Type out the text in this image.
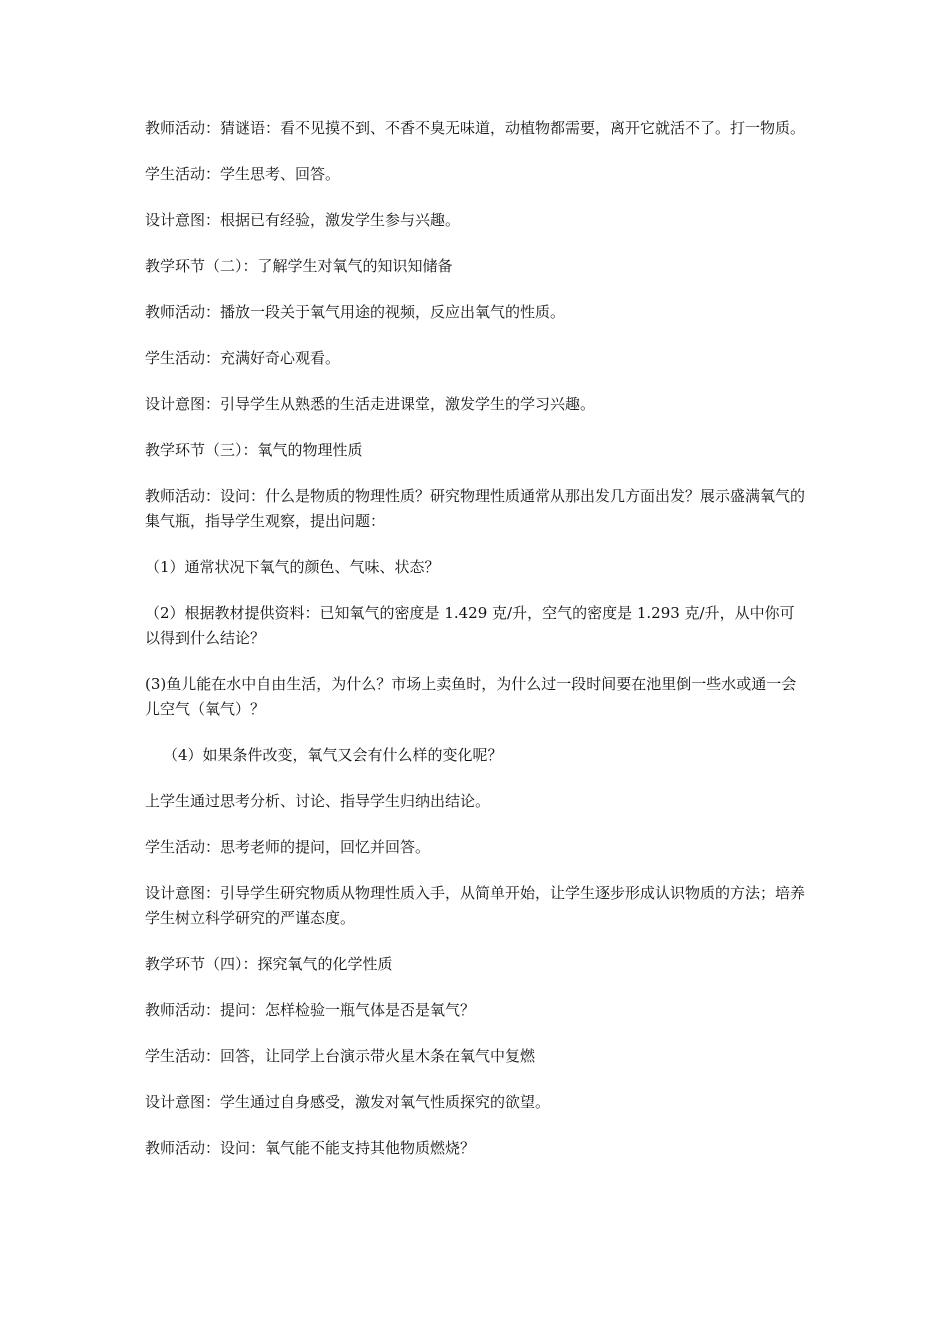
教师活动：猜谜语：看不见摸不到、不香不臭无味道，动植物都需要，离开它就活不了。打一物质。

学生活动：学生思考、回答。

设计意图：根据已有经验，激发学生参与兴趣。

教学环节（二）：了解学生对氧气的知识知储备

教师活动：播放一段关于氧气用途的视频，反应出氧气的性质。

学生活动：充满好奇心观看。

设计意图：引导学生从熟悉的生活走进课堂，激发学生的学习兴趣。

教学环节（三）：氧气的物理性质

教师活动：设问：什么是物质的物理性质？研究物理性质通常从那出发几方面出发？展示盛满氧气的集气瓶，指导学生观察，提出问题：

（1）通常状况下氧气的颜色、气味、状态？

（2）根据教材提供资料：已知氧气的密度是 1.429 克/升，空气的密度是 1.293 克/升，从中你可以得到什么结论？

(3)鱼儿能在水中自由生活，为什么？市场上卖鱼时，为什么过一段时间要在池里倒一些水或通一会儿空气（氧气）？

（4）如果条件改变，氧气又会有什么样的变化呢？

上学生通过思考分析、讨论、指导学生归纳出结论。

学生活动：思考老师的提问，回忆并回答。

设计意图：引导学生研究物质从物理性质入手，从简单开始，让学生逐步形成认识物质的方法；培养学生树立科学研究的严谨态度。

教学环节（四）：探究氧气的化学性质

教师活动：提问：怎样检验一瓶气体是否是氧气？

学生活动：回答，让同学上台演示带火星木条在氧气中复燃

设计意图：学生通过自身感受，激发对氧气性质探究的欲望。

教师活动：设问：氧气能不能支持其他物质燃烧？
